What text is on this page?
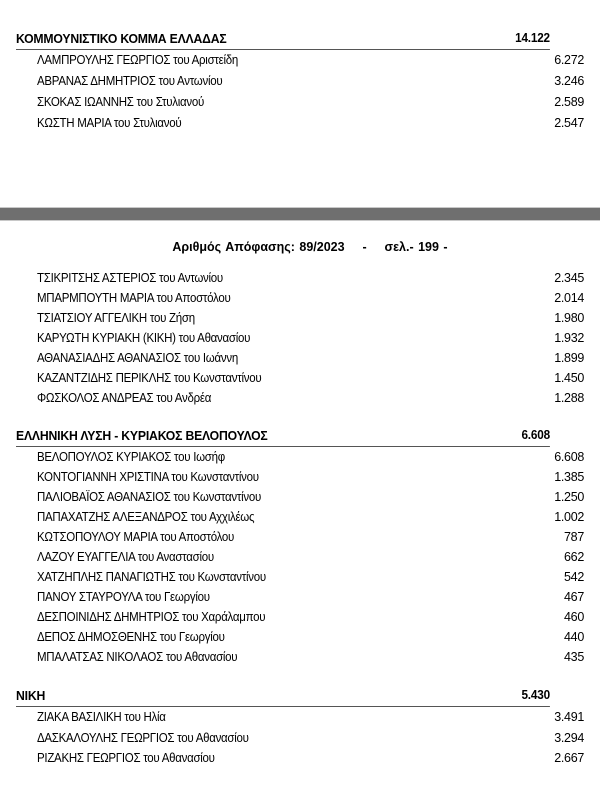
ΚΟΜΜΟΥΝΙΣΤΙΚΟ ΚΟΜΜΑ ΕΛΛΑΔΑΣ	14.122
ΛΑΜΠΡΟΥΛΗΣ ΓΕΩΡΓΙΟΣ του Αριστείδη	6.272
ΑΒΡΑΝΑΣ ΔΗΜΗΤΡΙΟΣ του Αντωνίου	3.246
ΣΚΟΚΑΣ ΙΩΑΝΝΗΣ του Στυλιανού	2.589
ΚΩΣΤΗ ΜΑΡΙΑ του Στυλιανού	2.547
Αριθμός Απόφασης: 89/2023 - σελ.- 199 -
ΤΣΙΚΡΙΤΣΗΣ ΑΣΤΕΡΙΟΣ του Αντωνίου	2.345
ΜΠΑΡΜΠΟΥΤΗ ΜΑΡΙΑ του Αποστόλου	2.014
ΤΣΙΑΤΣΙΟΥ ΑΓΓΕΛΙΚΗ του Ζήση	1.980
ΚΑΡΥΩΤΗ ΚΥΡΙΑΚΗ (ΚΙΚΗ) του Αθανασίου	1.932
ΑΘΑΝΑΣΙΑΔΗΣ ΑΘΑΝΑΣΙΟΣ του Ιωάννη	1.899
ΚΑΖΑΝΤΖΙΔΗΣ ΠΕΡΙΚΛΗΣ του Κωνσταντίνου	1.450
ΦΩΣΚΟΛΟΣ ΑΝΔΡΕΑΣ του Ανδρέα	1.288
ΕΛΛΗΝΙΚΗ ΛΥΣΗ - ΚΥΡΙΑΚΟΣ ΒΕΛΟΠΟΥΛΟΣ	6.608
ΒΕΛΟΠΟΥΛΟΣ ΚΥΡΙΑΚΟΣ του Ιωσήφ	6.608
ΚΟΝΤΟΓΙΑΝΝΗ ΧΡΙΣΤΙΝΑ του Κωνσταντίνου	1.385
ΠΑΛΙΟΒΑΪΟΣ ΑΘΑΝΑΣΙΟΣ του Κωνσταντίνου	1.250
ΠΑΠΑΧΑΤΖΗΣ ΑΛΕΞΑΝΔΡΟΣ του Αχχιλέως	1.002
ΚΩΤΣΟΠΟΥΛΟΥ ΜΑΡΙΑ του Αποστόλου	787
ΛΑΖΟΥ ΕΥΑΓΓΕΛΙΑ του Αναστασίου	662
ΧΑΤΖΗΠΛΗΣ ΠΑΝΑΓΙΩΤΗΣ του Κωνσταντίνου	542
ΠΑΝΟΥ ΣΤΑΥΡΟΥΛΑ του Γεωργίου	467
ΔΕΣΠΟΙΝΙΔΗΣ ΔΗΜΗΤΡΙΟΣ του Χαράλαμπου	460
ΔΕΠΟΣ ΔΗΜΟΣΘΕΝΗΣ του Γεωργίου	440
ΜΠΑΛΑΤΣΑΣ ΝΙΚΟΛΑΟΣ του Αθανασίου	435
ΝΙΚΗ	5.430
ΖΙΑΚΑ ΒΑΣΙΛΙΚΗ του Ηλία	3.491
ΔΑΣΚΑΛΟΥΛΗΣ ΓΕΩΡΓΙΟΣ του Αθανασίου	3.294
ΡΙΖΑΚΗΣ ΓΕΩΡΓΙΟΣ του Αθανασίου	2.667
